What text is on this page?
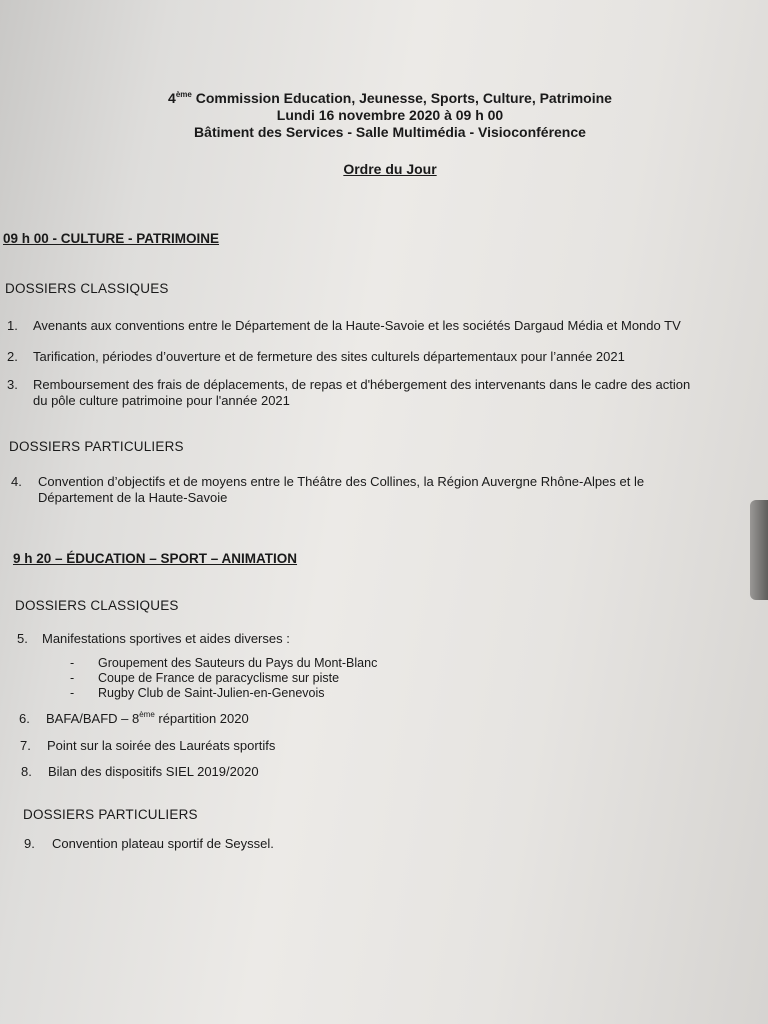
4ème Commission Education, Jeunesse, Sports, Culture, Patrimoine
Lundi 16 novembre 2020 à 09 h 00
Bâtiment des Services - Salle Multimédia - Visioconférence
Ordre du Jour
09 h 00 - CULTURE - PATRIMOINE
DOSSIERS CLASSIQUES
1. Avenants aux conventions entre le Département de la Haute-Savoie et les sociétés Dargaud Média et Mondo TV
2. Tarification, périodes d’ouverture et de fermeture des sites culturels départementaux pour l’année 2021
3. Remboursement des frais de déplacements, de repas et d'hébergement des intervenants dans le cadre des action
du pôle culture patrimoine pour l'année 2021
DOSSIERS PARTICULIERS
4. Convention d’objectifs et de moyens entre le Théâtre des Collines, la Région Auvergne Rhône-Alpes et le
Département de la Haute-Savoie
9 h 20 – ÉDUCATION – SPORT – ANIMATION
DOSSIERS CLASSIQUES
5. Manifestations sportives et aides diverses :
- Groupement des Sauteurs du Pays du Mont-Blanc
- Coupe de France de paracyclisme sur piste
- Rugby Club de Saint-Julien-en-Genevois
6. BAFA/BAFD – 8ème répartition 2020
7. Point sur la soirée des Lauréats sportifs
8. Bilan des dispositifs SIEL 2019/2020
DOSSIERS PARTICULIERS
9. Convention plateau sportif de Seyssel.
